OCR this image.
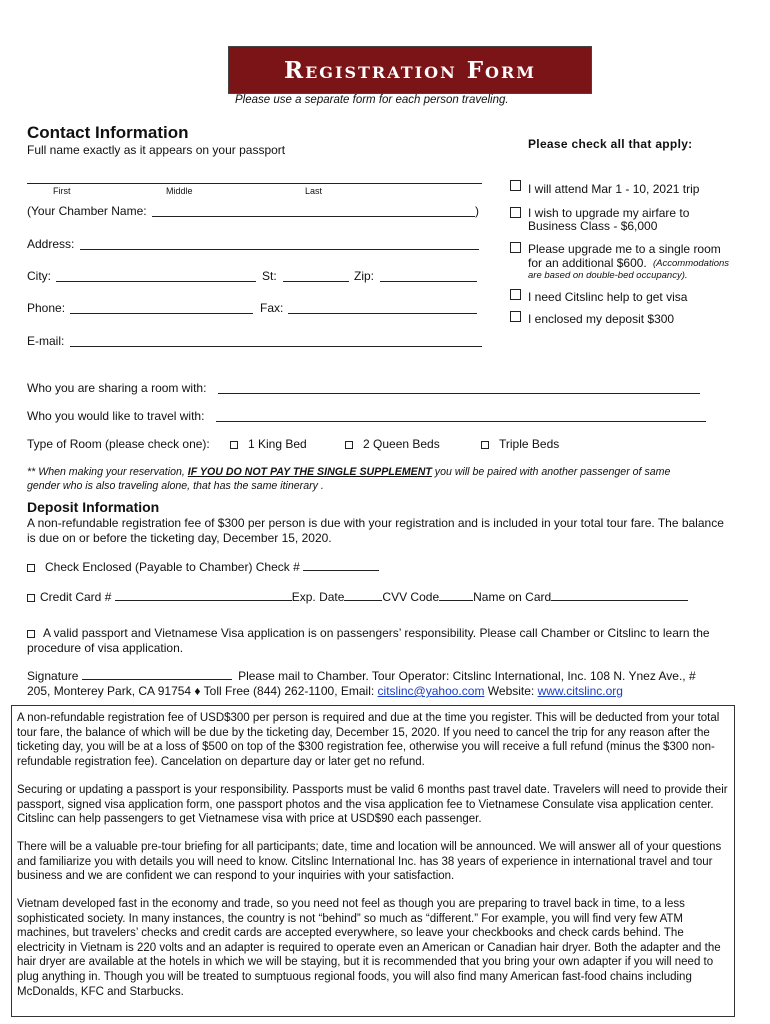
Registration Form
Please use a separate form for each person traveling.
Contact Information
Full name exactly as it appears on your passport
First	Middle	Last
(Your Chamber Name:	)
Address:
City:	St:	Zip:
Phone:	Fax:
E-mail:
Please check all that apply:
I will attend Mar 1 - 10, 2021 trip
I wish to upgrade my airfare to
Business Class - $6,000
Please upgrade me to a single room
for an additional $600. (Accommodations
are based on double-bed occupancy).
I need Citslinc help to get visa
I enclosed my deposit $300
Who you are sharing a room with:
Who you would like to travel with:
Type of Room (please check one):	1 King Bed	2 Queen Beds	Triple Beds
** When making your reservation, IF YOU DO NOT PAY THE SINGLE SUPPLEMENT you will be paired with another passenger of same
gender who is also traveling alone, that has the same itinerary .
Deposit Information
A non-refundable registration fee of $300 per person is due with your registration and is included in your total tour fare. The balance is due on or before the ticketing day, December 15, 2020.
Check Enclosed (Payable to Chamber) Check #
Credit Card #	Exp. Date	CVV Code	Name on Card
A valid passport and Vietnamese Visa application is on passengers’ responsibility. Please call Chamber or Citslinc to learn the procedure of visa application.
Signature	Please mail to Chamber. Tour Operator: Citslinc International, Inc. 108 N. Ynez Ave., #
205, Monterey Park, CA 91754 ♦ Toll Free (844) 262-1100, Email: citslinc@yahoo.com Website: www.citslinc.org
A non-refundable registration fee of USD$300 per person is required and due at the time you register. This will be deducted from your total tour fare, the balance of which will be due by the ticketing day, December 15, 2020. If you need to cancel the trip for any reason after the ticketing day, you will be at a loss of $500 on top of the $300 registration fee, otherwise you will receive a full refund (minus the $300 non-refundable registration fee). Cancelation on departure day or later get no refund.
Securing or updating a passport is your responsibility. Passports must be valid 6 months past travel date. Travelers will need to provide their passport, signed visa application form, one passport photos and the visa application fee to Vietnamese Consulate visa application center. Citslinc can help passengers to get Vietnamese visa with price at USD$90 each passenger.
There will be a valuable pre-tour briefing for all participants; date, time and location will be announced. We will answer all of your questions and familiarize you with details you will need to know. Citslinc International Inc. has 38 years of experience in international travel and tour business and we are confident we can respond to your inquiries with your satisfaction.
Vietnam developed fast in the economy and trade, so you need not feel as though you are preparing to travel back in time, to a less sophisticated society. In many instances, the country is not “behind” so much as “different.” For example, you will find very few ATM machines, but travelers’ checks and credit cards are accepted everywhere, so leave your checkbooks and check cards behind. The electricity in Vietnam is 220 volts and an adapter is required to operate even an American or Canadian hair dryer. Both the adapter and the hair dryer are available at the hotels in which we will be staying, but it is recommended that you bring your own adapter if you will need to plug anything in. Though you will be treated to sumptuous regional foods, you will also find many American fast-food chains including McDonalds, KFC and Starbucks.
